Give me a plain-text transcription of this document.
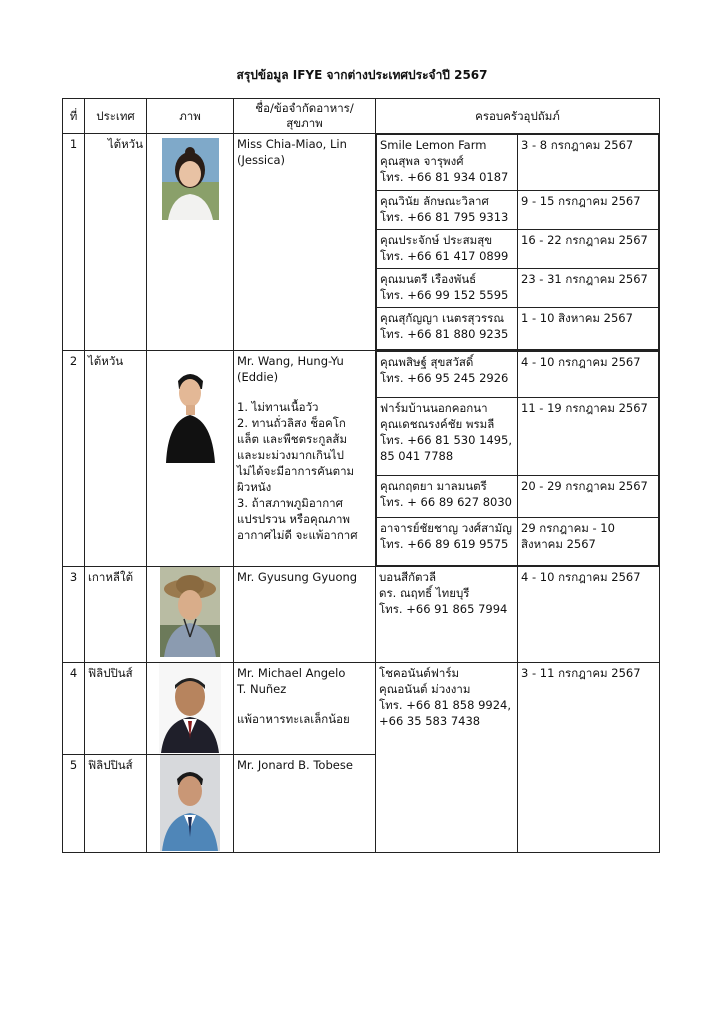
สรุปข้อมูล IFYE จากต่างประเทศประจำปี 2567
ที่	ประเทศ	ภาพ	ชื่อ/ข้อจำกัดอาหาร/
สุขภาพ	ครอบครัวอุปถัมภ์
1	ไต้หวัน		Miss Chia-Miao, Lin
(Jessica)	
Smile Lemon Farm
คุณสุพล จารุพงศ์
โทร. +66 81 934 0187	3 - 8 กรกฎาคม 2567
คุณวินัย ลักษณะวิลาศ
โทร. +66 81 795 9313	9 - 15 กรกฎาคม 2567
คุณประจักษ์ ประสมสุข
โทร. +66 61 417 0899	16 - 22 กรกฎาคม 2567
คุณมนตรี เรืองพันธ์
โทร. +66 99 152 5595	23 - 31 กรกฎาคม 2567
คุณสุกัญญา เนตรสุวรรณ
โทร. +66 81 880 9235	1 - 10 สิงหาคม 2567

2	ไต้หวัน		Mr. Wang, Hung-Yu
(Eddie)
1. ไม่ทานเนื้อวัว
2. ทานถั่วลิสง ช็อคโก
แล็ต และพืชตระกูลส้ม
และมะม่วงมากเกินไป
ไม่ได้จะมีอาการคันตาม
ผิวหนัง
3. ถ้าสภาพภูมิอากาศ
แปรปรวน หรือคุณภาพ
อากาศไม่ดี จะแพ้อากาศ

คุณพสิษฐ์ สุขสวัสดิ์
โทร. +66 95 245 2926	4 - 10 กรกฎาคม 2567
ฟาร์มบ้านนอกคอกนา
คุณเดชณรงค์ชัย พรมลี
โทร. +66 81 530 1495,
85 041 7788	11 - 19 กรกฎาคม 2567
คุณกฤตยา มาลมนตรี
โทร. + 66 89 627 8030	20 - 29 กรกฎาคม 2567
อาจารย์ชัยชาญ วงศ์สามัญ
โทร. +66 89 619 9575	29 กรกฎาคม - 10
สิงหาคม 2567

3	เกาหลีใต้		Mr. Gyusung Gyuong	บอนสีกัตวลี
ดร. ณฤทธิ์ ไทยบุรี
โทร. +66 91 865 7994	4 - 10 กรกฎาคม 2567
4	ฟิลิปปินส์		Mr. Michael Angelo
T. Nuñez
แพ้อาหารทะเลเล็กน้อย
	โชคอนันต์ฟาร์ม
คุณอนันต์ ม่วงงาม
โทร. +66 81 858 9924,
+66 35 583 7438	3 - 11 กรกฎาคม 2567
5	ฟิลิปปินส์		Mr. Jonard B. Tobese
